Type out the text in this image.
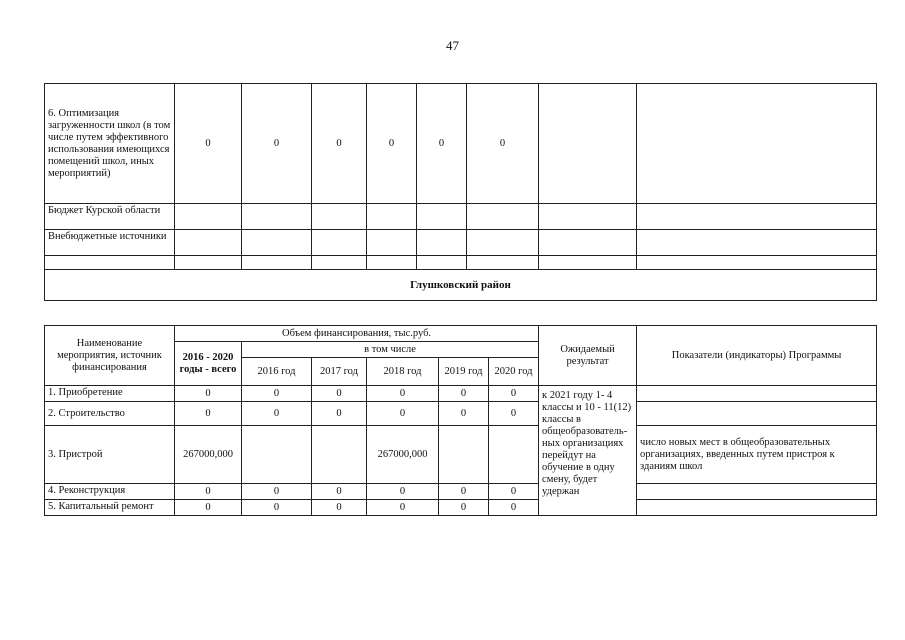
47
6. Оптимизация загруженности школ (в том числе путем эффективного использования имеющихся помещений школ, иных мероприятий)	0	0	0	0	0	0		
Бюджет Курской области								
Внебюджетные источники								

Глушковский район								
Наименование мероприятия, источник финансирования	Объем финансирования, тыс.руб.						Ожидаемый результат	Показатели (индикаторы) Программы
	2016 - 2020 годы - всего	в том числе						
		2016 год	2017 год	2018 год	2019 год	2020 год		
1. Приобретение	0	0	0	0	0	0	к 2021 году 1- 4 классы и 10 - 11(12) классы в общеобразователь-ных организациях перейдут на обучение в одну смену, будет удержан	
2. Строительство	0	0	0	0	0	0		
3. Пристрой	267000,000			267000,000				число новых мест в общеобразовательных организациях, введенных путем пристроя к зданиям школ
4. Реконструкция	0	0	0	0	0	0		
5. Капитальный ремонт	0	0	0	0	0	0		
